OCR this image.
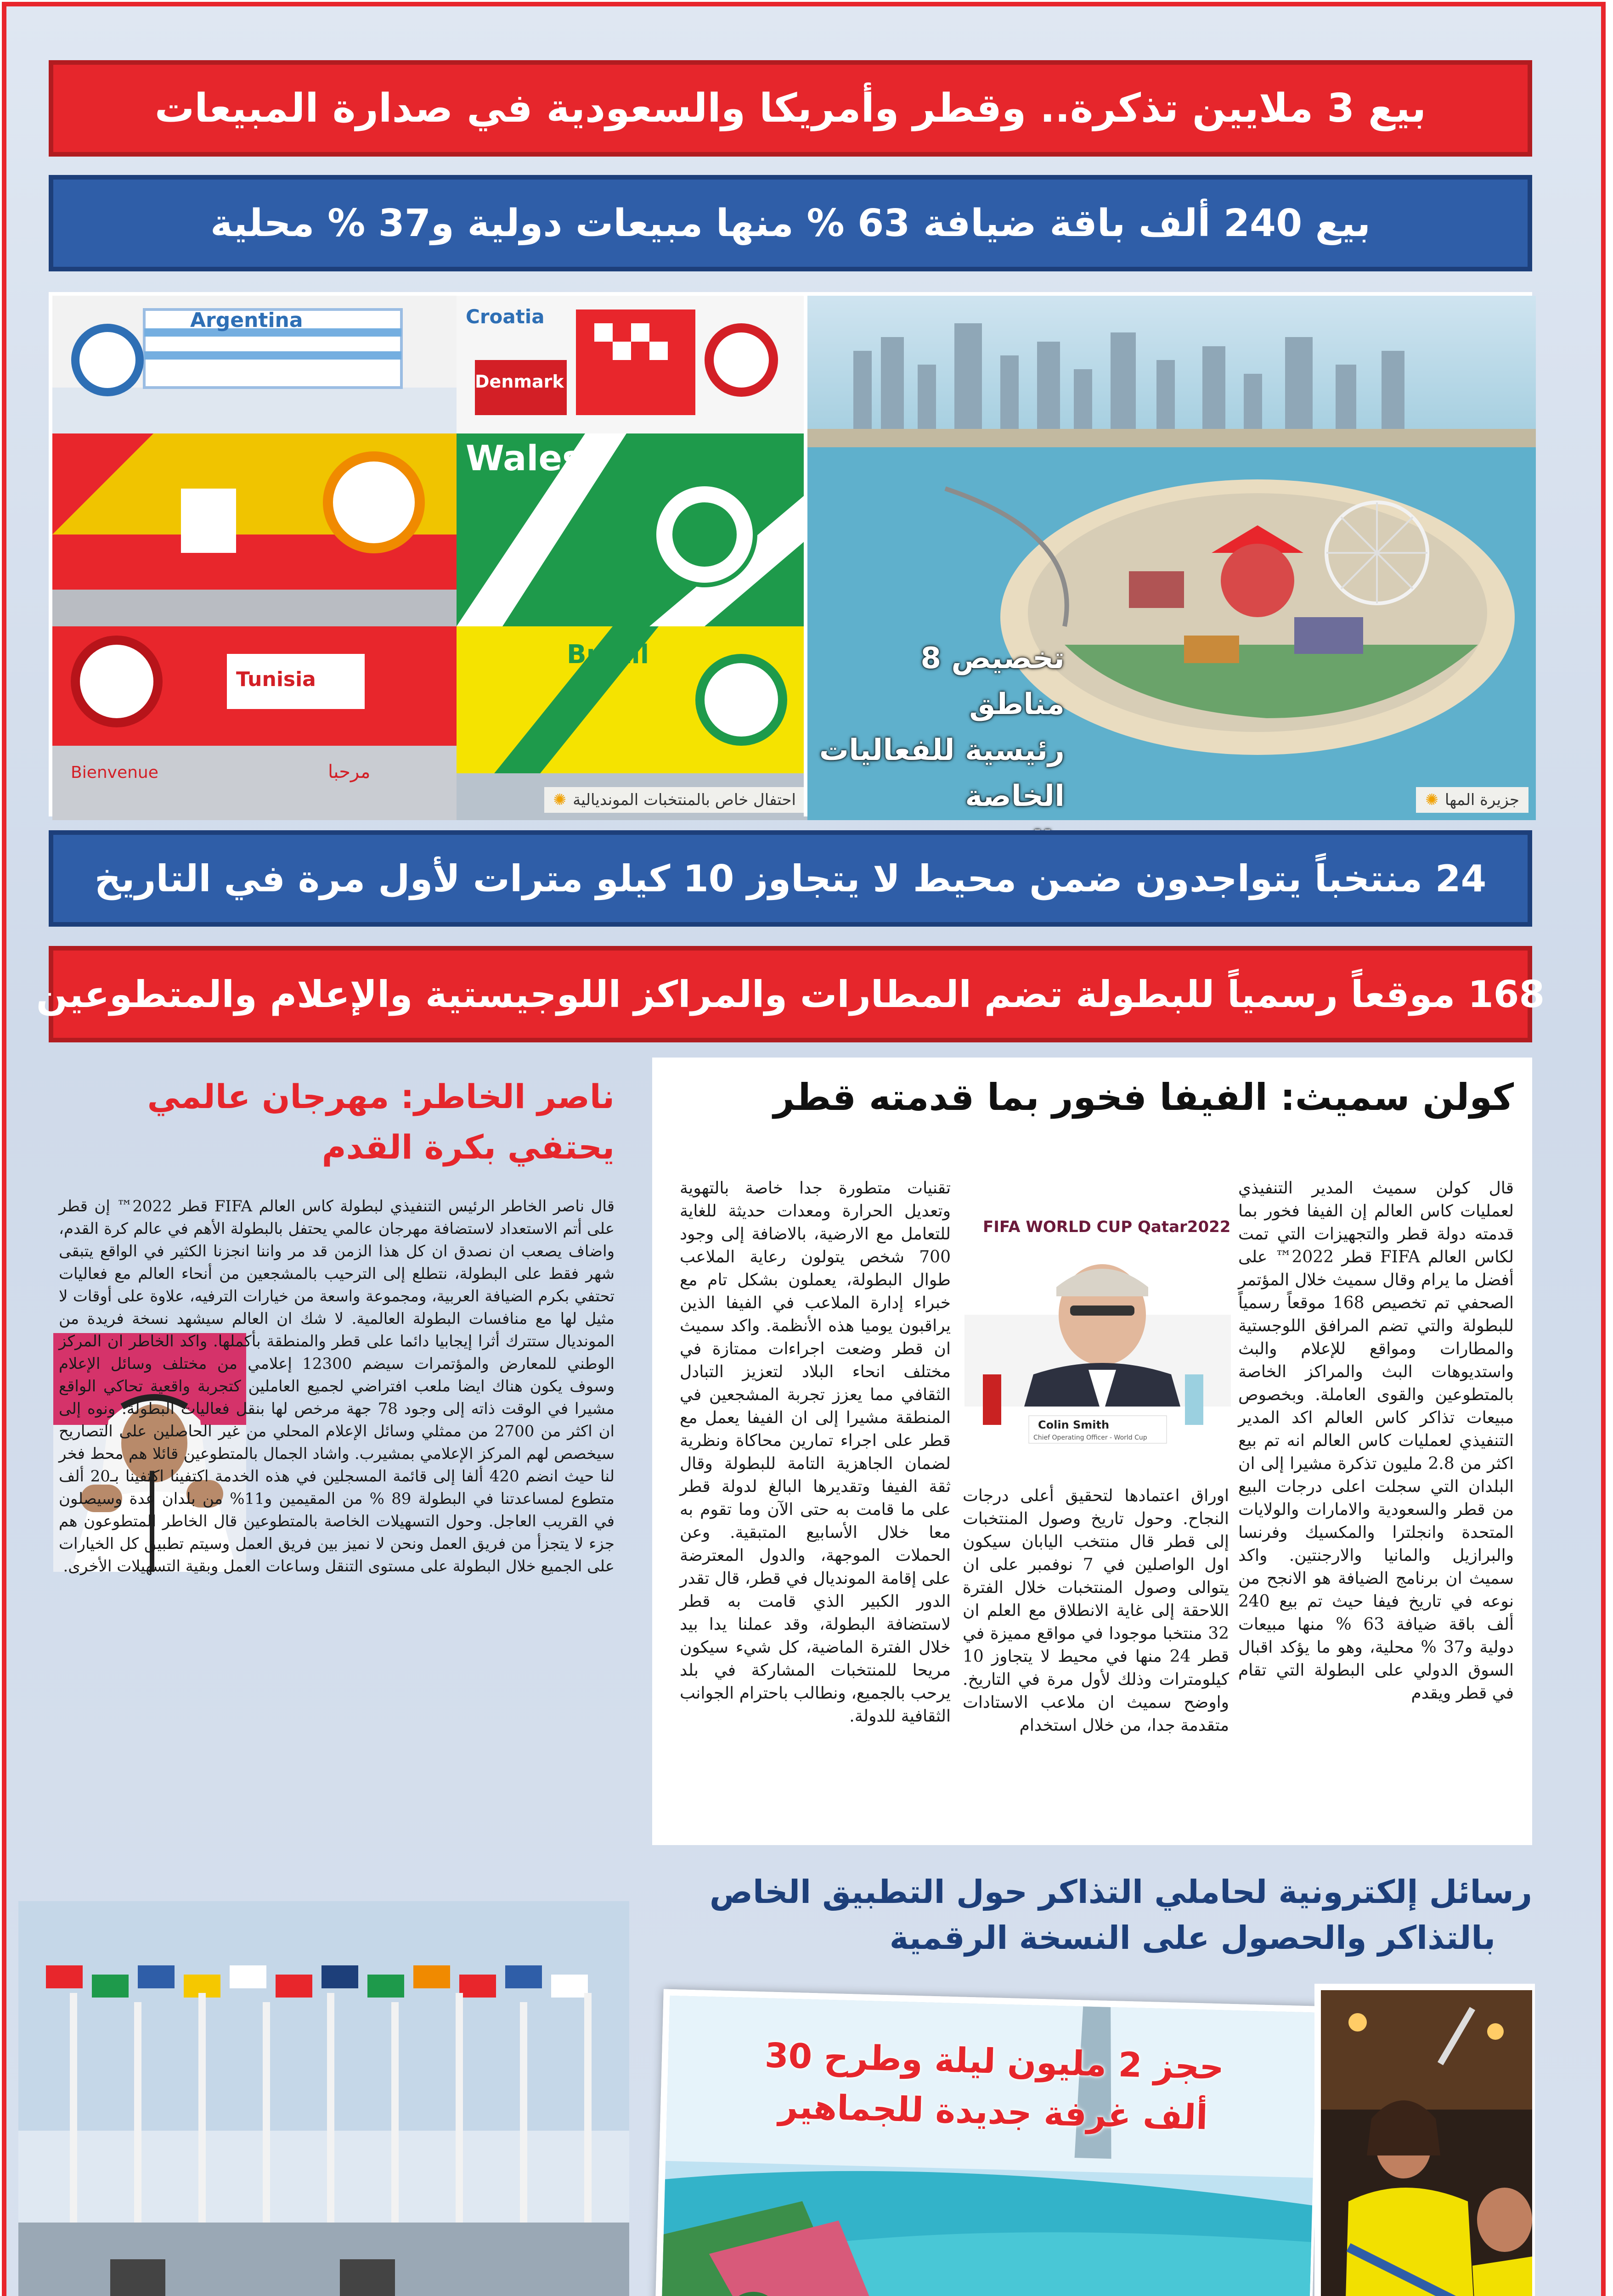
بيع 3 ملايين تذكرة.. وقطر وأمريكا والسعودية في صدارة المبيعات
بيع 240 ألف باقة ضيافة 63 % منها مبيعات دولية و37 % محلية
Argentina	Croatia
Denmark
Wales
Tunisia
Bienvenue	مرحبا
Brazil
احتفال خاص بالمنتخبات المونديالية
✺
تخصيص 8 مناطق
رئيسية للفعاليات
الخاصة	جزيرة المها
✺
24 منتخباً يتواجدون ضمن محيط لا يتجاوز 10 كيلو مترات لأول مرة في التاريخ
168 موقعاً رسمياً للبطولة تضم المطارات والمراكز اللوجيستية والإعلام والمتطوعين
كولن سميث: الفيفا فخور بما قدمته قطر
قال كولن سميث المدير التنفيذي لعمليات كاس العالم إن الفيفا فخور بما قدمته دولة قطر والتجهيزات التي تمت لكاس العالم FIFA قطر 2022™ على أفضل ما يرام وقال سميث خلال المؤتمر الصحفي تم تخصيص 168 موقعاً رسمياً للبطولة والتي تضم المرافق اللوجستية والمطارات ومواقع للإعلام والبث واستديوهات البث والمراكز الخاصة بالمتطوعين والقوى العاملة. وبخصوص مبيعات تذاكر كاس العالم اكد المدير التنفيذي لعمليات كاس العالم انه تم بيع اكثر من 2.8 مليون تذكرة مشيرا إلى ان البلدان التي سجلت اعلى درجات البيع من قطر والسعودية والامارات والولايات المتحدة وانجلترا والمكسيك وفرنسا والبرازيل والمانيا والارجنتين. واكد سميث ان برنامج الضيافة هو الانجح من نوعه في تاريخ فيفا حيث تم بيع 240 ألف باقة ضيافة 63 % منها مبيعات دولية و37 % محلية، وهو ما يؤكد اقبال السوق الدولي على البطولة التي تقام في قطر ويقدم
FIFA WORLD CUP Qatar2022
Colin Smith
Chief Operating Officer - World Cup
اوراق اعتمادها لتحقيق أعلى درجات النجاح. وحول تاريخ وصول المنتخبات إلى قطر قال منتخب اليابان سيكون اول الواصلين في 7 نوفمبر على ان يتوالى وصول المنتخبات خلال الفترة اللاحقة إلى غاية الانطلاق مع العلم ان 32 منتخبا موجودا في مواقع مميزة في قطر 24 منها في محيط لا يتجاوز 10 كيلومترات وذلك لأول مرة في التاريخ. واوضح سميث ان ملاعب الاستادات متقدمة جدا، من خلال استخدام
تقنيات متطورة جدا خاصة بالتهوية وتعديل الحرارة ومعدات حديثة للغاية للتعامل مع الارضية، بالاضافة إلى وجود 700 شخص يتولون رعاية الملاعب طوال البطولة، يعملون بشكل تام مع خبراء إدارة الملاعب في الفيفا الذين يراقبون يوميا هذه الأنظمة. واكد سميث ان قطر وضعت اجراءات ممتازة في مختلف انحاء البلاد لتعزيز التبادل الثقافي مما يعزز تجربة المشجعين في المنطقة مشيرا إلى ان الفيفا يعمل مع قطر على اجراء تمارين محاكاة ونظرية لضمان الجاهزية التامة للبطولة وقال ثقة الفيفا وتقديرها البالغ لدولة قطر على ما قامت به حتى الآن وما تقوم به معا خلال الأسابيع المتبقية. وعن الحملات الموجهة، والدول المعترضة على إقامة المونديال في قطر، قال تقدر الدور الكبير الذي قامت به قطر لاستضافة البطولة، وقد عملنا يدا بيد خلال الفترة الماضية، كل شيء سيكون مريحا للمنتخبات المشاركة في بلد يرحب بالجميع، ونطالب باحترام الجوانب الثقافية للدولة.
ناصر الخاطر: مهرجان عالمي
يحتفي بكرة القدم
قال ناصر الخاطر الرئيس التنفيذي لبطولة كاس العالم FIFA قطر 2022™ إن قطر على أتم الاستعداد لاستضافة مهرجان عالمي يحتفل بالبطولة الأهم في عالم كرة القدم، واضاف يصعب ان نصدق ان كل هذا الزمن قد مر واننا انجزنا الكثير في الواقع يتبقى شهر فقط على البطولة، نتطلع إلى الترحيب بالمشجعين من أنحاء العالم مع فعاليات تحتفي بكرم الضيافة العربية، ومجموعة واسعة من خيارات الترفيه، علاوة على أوقات لا مثيل لها مع منافسات البطولة العالمية. لا شك ان العالم سيشهد نسخة فريدة من المونديال ستترك أثرا إيجابيا دائما على قطر والمنطقة بأكملها. واكد الخاطر ان المركز الوطني للمعارض والمؤتمرات سيضم 12300 إعلامي من مختلف وسائل الإعلام وسوف يكون هناك ايضا ملعب افتراضي لجميع العاملين كتجربة واقعية تحاكي الواقع مشيرا في الوقت ذاته إلى وجود 78 جهة مرخص لها بنقل فعاليات البطولة. ونوه إلى ان اكثر من 2700 من ممثلي وسائل الإعلام المحلي من غير الحاصلين على التصاريح سيخصص لهم المركز الإعلامي بمشيرب. واشاد الجمال بالمتطوعين قائلا هم محط فخر لنا حيث انضم 420 ألفا إلى قائمة المسجلين في هذه الخدمة اكتفينا اكتفينا بـ20 ألف متطوع لمساعدتنا في البطولة 89 % من المقيمين و11% من بلدان عدة وسيصلون في القريب العاجل. وحول التسهيلات الخاصة بالمتطوعين قال الخاطر المتطوعون هم جزء لا يتجزأ من فريق العمل ونحن لا نميز بين فريق العمل وسيتم تطبيق كل الخيارات على الجميع خلال البطولة على مستوى التنقل وساعات العمل وبقية التسهيلات الأخرى.
رسائل إلكترونية لحاملي التذاكر حول التطبيق الخاص
بالتذاكر والحصول على النسخة الرقمية
حجز 2 مليون ليلة وطرح 30
ألف غرفة جديدة للجماهير
